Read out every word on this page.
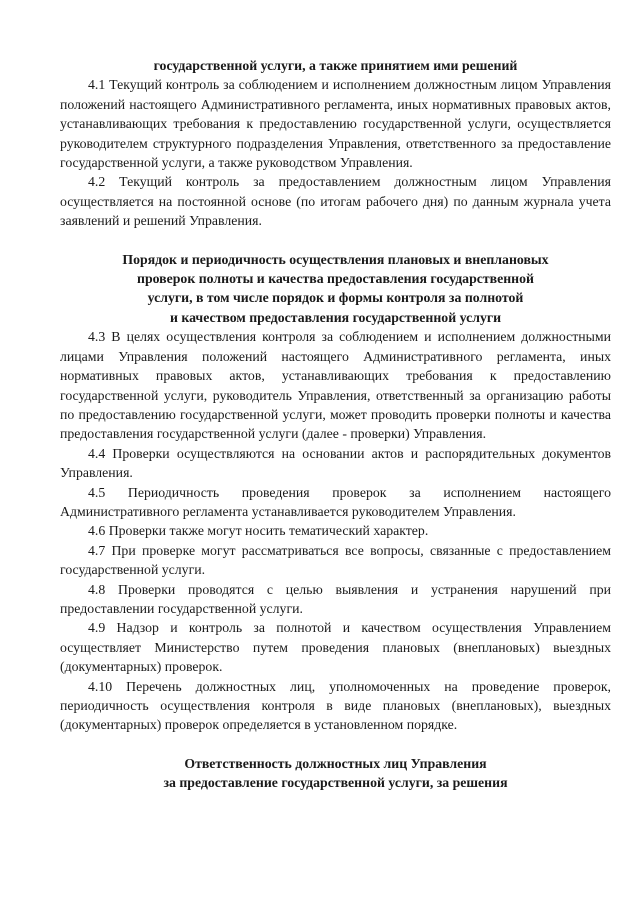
государственной услуги, а также принятием ими решений

4.1 Текущий контроль за соблюдением и исполнением должностным лицом Управления положений настоящего Административного регламента, иных нормативных правовых актов, устанавливающих требования к предоставлению государственной услуги, осуществляется руководителем структурного подразделения Управления, ответственного за предоставление государственной услуги, а также руководством Управления.

4.2 Текущий контроль за предоставлением должностным лицом Управления осуществляется на постоянной основе (по итогам рабочего дня) по данным журнала учета заявлений и решений Управления.

Порядок и периодичность осуществления плановых и внеплановых
проверок полноты и качества предоставления государственной
услуги, в том числе порядок и формы контроля за полнотой
и качеством предоставления государственной услуги

4.3 В целях осуществления контроля за соблюдением и исполнением должностными лицами Управления положений настоящего Административного регламента, иных нормативных правовых актов, устанавливающих требования к предоставлению государственной услуги, руководитель Управления, ответственный за организацию работы по предоставлению государственной услуги, может проводить проверки полноты и качества предоставления государственной услуги (далее - проверки) Управления.

4.4 Проверки осуществляются на основании актов и распорядительных документов Управления.

4.5 Периодичность проведения проверок за исполнением настоящего Административного регламента устанавливается руководителем Управления.

4.6 Проверки также могут носить тематический характер.

4.7 При проверке могут рассматриваться все вопросы, связанные с предоставлением государственной услуги.

4.8 Проверки проводятся с целью выявления и устранения нарушений при предоставлении государственной услуги.

4.9 Надзор и контроль за полнотой и качеством осуществления Управлением осуществляет Министерство путем проведения плановых (внеплановых) выездных (документарных) проверок.

4.10 Перечень должностных лиц, уполномоченных на проведение проверок, периодичность осуществления контроля в виде плановых (внеплановых), выездных (документарных) проверок определяется в установленном порядке.

Ответственность должностных лиц Управления
за предоставление государственной услуги, за решения
